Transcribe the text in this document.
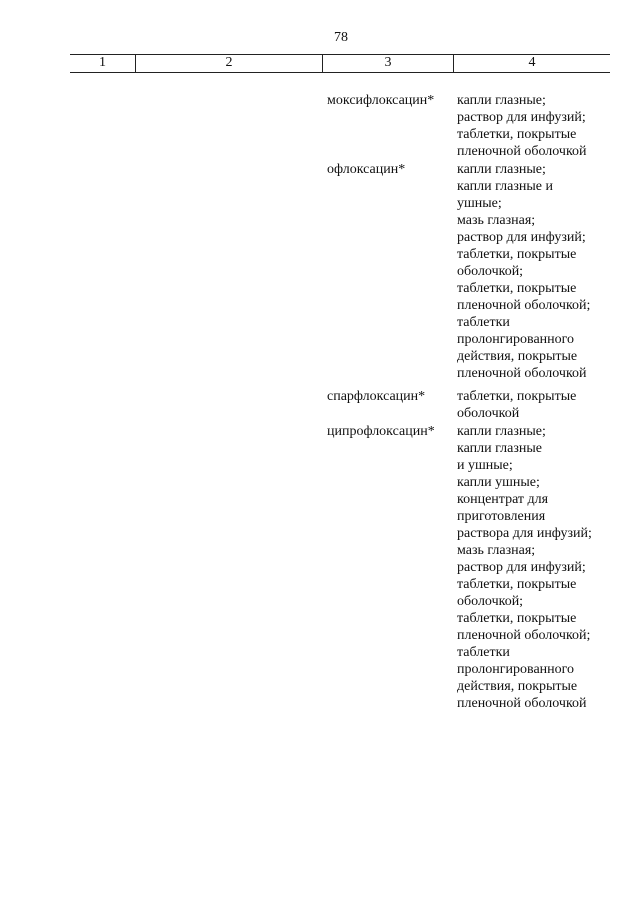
78
1	2	3	4
моксифлоксацин* капли глазные;
раствор для инфузий;
таблетки, покрытые
пленочной оболочкой
офлоксацин*	капли глазные;
капли глазные и
ушные;
мазь глазная;
раствор для инфузий;
таблетки, покрытые
оболочкой;
таблетки, покрытые
пленочной оболочкой;
таблетки
пролонгированного
действия, покрытые
пленочной оболочкой
спарфлоксацин* таблетки, покрытые
оболочкой
ципрофлоксацин* капли глазные;
капли глазные
и ушные;
капли ушные;
концентрат для
приготовления
раствора для инфузий;
мазь глазная;
раствор для инфузий;
таблетки, покрытые
оболочкой;
таблетки, покрытые
пленочной оболочкой;
таблетки
пролонгированного
действия, покрытые
пленочной оболочкой
